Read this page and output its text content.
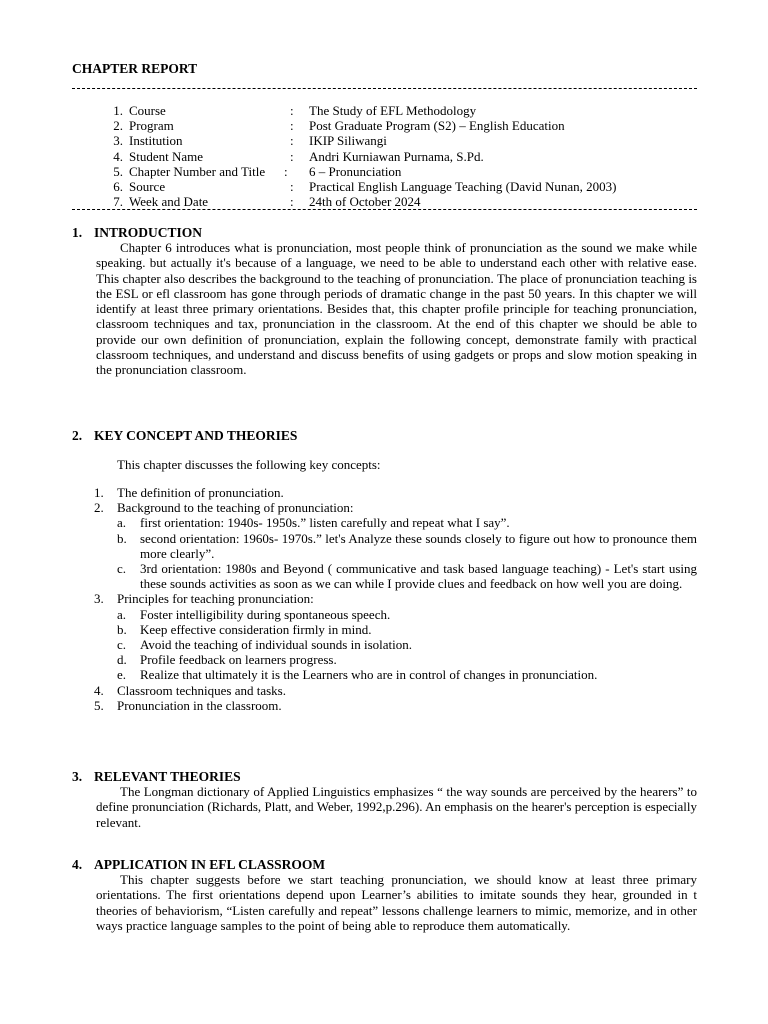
CHAPTER REPORT
1. Course	:	The Study of EFL Methodology
2. Program	:	Post Graduate Program (S2) – English Education
3. Institution	:	IKIP Siliwangi
4. Student Name	:	Andri Kurniawan Purnama, S.Pd.
5. Chapter Number and Title	:	6 – Pronunciation
6. Source	:	Practical English Language Teaching (David Nunan, 2003)
7. Week and Date	:	24th of October 2024
1. INTRODUCTION
Chapter 6 introduces what is pronunciation, most people think of pronunciation as the sound we make while speaking. but actually it's because of a language, we need to be able to understand each other with relative ease. This chapter also describes the background to the teaching of pronunciation. The place of pronunciation teaching is the ESL or efl classroom has gone through periods of dramatic change in the past 50 years. In this chapter we will identify at least three primary orientations. Besides that, this chapter profile principle for teaching pronunciation, classroom techniques and tax, pronunciation in the classroom. At the end of this chapter we should be able to provide our own definition of pronunciation, explain the following concept, demonstrate family with practical classroom techniques, and understand and discuss benefits of using gadgets or props and slow motion speaking in the pronunciation classroom.
2. KEY CONCEPT AND THEORIES
This chapter discusses the following key concepts:
1.	The definition of pronunciation.
2.	Background to the teaching of pronunciation:
a.	first orientation: 1940s- 1950s.” listen carefully and repeat what I say”.
b.	second orientation: 1960s- 1970s.” let's Analyze these sounds closely to figure out how to pronounce them more clearly”.
c.	3rd orientation: 1980s and Beyond ( communicative and task based language teaching) - Let's start using these sounds activities as soon as we can while I provide clues and feedback on how well you are doing.
3.	Principles for teaching pronunciation:
a.	Foster intelligibility during spontaneous speech.
b.	Keep effective consideration firmly in mind.
c.	Avoid the teaching of individual sounds in isolation.
d.	Profile feedback on learners progress.
e.	Realize that ultimately it is the Learners who are in control of changes in pronunciation.
4.	Classroom techniques and tasks.
5.	Pronunciation in the classroom.
3. RELEVANT THEORIES
The Longman dictionary of Applied Linguistics emphasizes “ the way sounds are perceived by the hearers” to define pronunciation (Richards, Platt, and Weber, 1992,p.296). An emphasis on the hearer's perception is especially relevant.
4. APPLICATION IN EFL CLASSROOM
This chapter suggests before we start teaching pronunciation, we should know at least three primary orientations. The first orientations depend upon Learner’s abilities to imitate sounds they hear, grounded in t theories of behaviorism, “Listen carefully and repeat” lessons challenge learners to mimic, memorize, and in other ways practice language samples to the point of being able to reproduce them automatically.
